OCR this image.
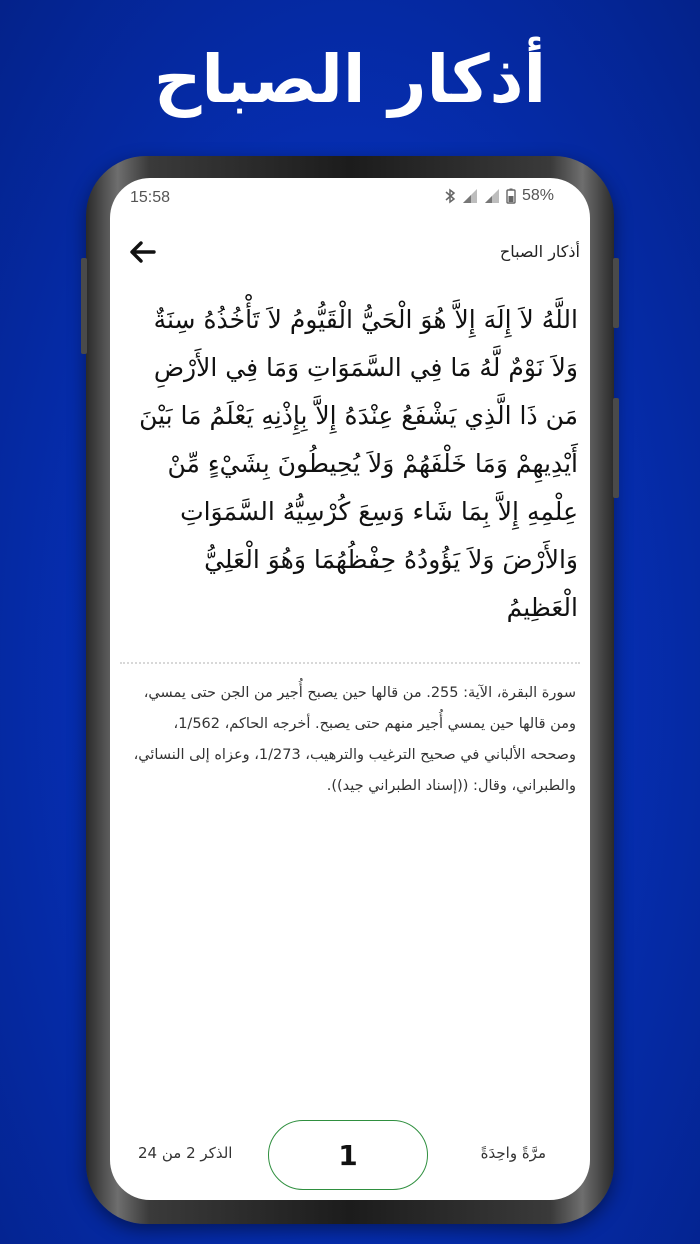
أذكار الصباح
15:58	58%
أذكار الصباح
اللَّهُ لاَ إِلَهَ إِلاَّ هُوَ الْحَيُّ الْقَيُّومُ لاَ تَأْخُذُهُ سِنَةٌ وَلاَ نَوْمٌ لَّهُ مَا فِي السَّمَوَاتِ وَمَا فِي الأَرْضِ مَن ذَا الَّذِي يَشْفَعُ عِنْدَهُ إِلاَّ بِإِذْنِهِ يَعْلَمُ مَا بَيْنَ أَيْدِيهِمْ وَمَا خَلْفَهُمْ وَلاَ يُحِيطُونَ بِشَيْءٍ مِّنْ عِلْمِهِ إِلاَّ بِمَا شَاء وَسِعَ كُرْسِيُّهُ السَّمَوَاتِ وَالأَرْضَ وَلاَ يَؤُودُهُ حِفْظُهُمَا وَهُوَ الْعَلِيُّ الْعَظِيمُ
سورة البقرة، الآية: 255. من قالها حين يصبح أُجير من الجن حتى يمسي، ومن قالها حين يمسي أُجير منهم حتى يصبح. أخرجه الحاكم، 1/562، وصححه الألباني في صحيح الترغيب والترهيب، 1/273، وعزاه إلى النسائي، والطبراني، وقال: ((إسناد الطبراني جيد)).
الذكر 2 من 24	1	مرَّةً واحِدَةً
